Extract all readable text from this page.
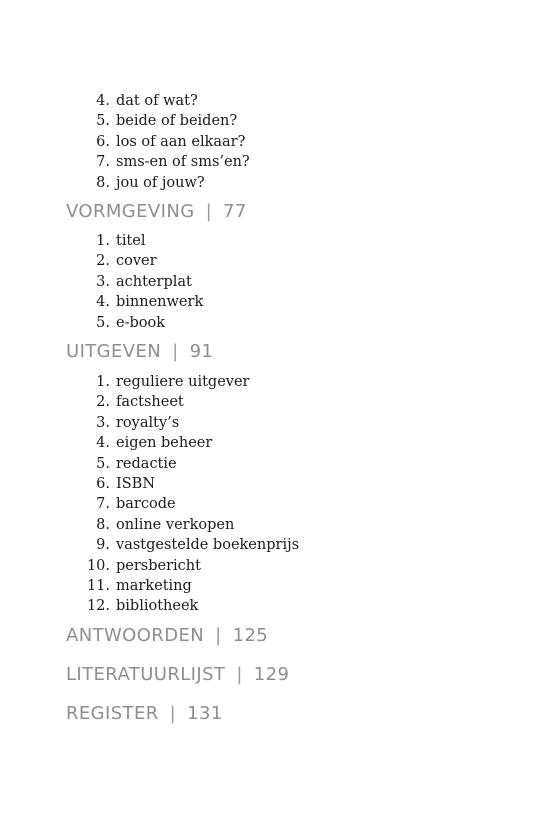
4. dat of wat?
5. beide of beiden?
6. los of aan elkaar?
7. sms-en of sms’en?
8. jou of jouw?
VORMGEVING | 77
1. titel
2. cover
3. achterplat
4. binnenwerk
5. e-book
UITGEVEN | 91
1. reguliere uitgever
2. factsheet
3. royalty’s
4. eigen beheer
5. redactie
6. ISBN
7. barcode
8. online verkopen
9. vastgestelde boekenprijs
10. persbericht
11. marketing
12. bibliotheek
ANTWOORDEN | 125
LITERATUURLIJST | 129
REGISTER | 131
